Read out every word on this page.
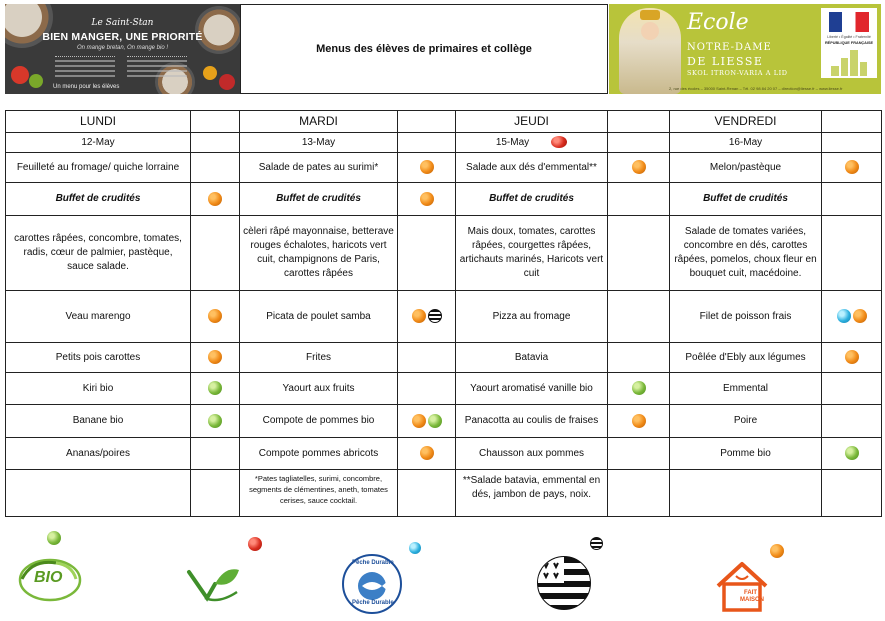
Le Saint-Stan
BIEN MANGER, UNE PRIORITÉ
On mange bretan, On mange bio !
Un menu pour les élèves
Menus des élèves de primaires et collège
Ecole
NOTRE-DAME
DE LIESSE
SKOL ITRON-VARIA A LID
2, rue des écoles – 35000 Saint-Renan – Tél. 02 98 84 20 07 – direction@liesse.fr – www.liesse.fr
Liberté • Égalité • Fraternité
RÉPUBLIQUE FRANÇAISE
LUNDI		MARDI		JEUDI		VENDREDI	
12-May		13-May		15-May		16-May	
Feuilleté au fromage/ quiche lorraine		Salade de pates au surimi*		Salade aux dés d'emmental**		Melon/pastèque	
Buffet de crudités		Buffet de crudités		Buffet de crudités		Buffet de crudités	
carottes râpées, concombre, tomates, radis, cœur de palmier, pastèque, sauce salade.		cèleri râpé mayonnaise, betterave rouges échalotes, haricots vert cuit, champignons de Paris, carottes râpées		Mais doux, tomates, carottes râpées, courgettes râpées, artichauts marinés, Haricots vert cuit		Salade de tomates variées, concombre en dés, carottes râpées, pomelos, choux fleur en bouquet cuit, macédoine.	
Veau marengo		Picata de poulet samba		Pizza au fromage		Filet de poisson frais	
Petits pois carottes		Frites		Batavia		Poêlée d'Ebly aux légumes	
Kiri bio		Yaourt aux fruits		Yaourt aromatisé vanille bio		Emmental	
Banane bio		Compote de pommes bio		Panacotta au coulis de fraises		Poire	
Ananas/poires		Compote pommes abricots		Chausson aux pommes		Pomme bio	
		*Pates tagliatelles, surimi, concombre, segments de clémentines, aneth, tomates cerises, sauce cocktail.		**Salade batavia, emmental en dés, jambon de pays, noix.			
BIO
Pêche Durable
Pêche Durable
FAIT
MAISON
